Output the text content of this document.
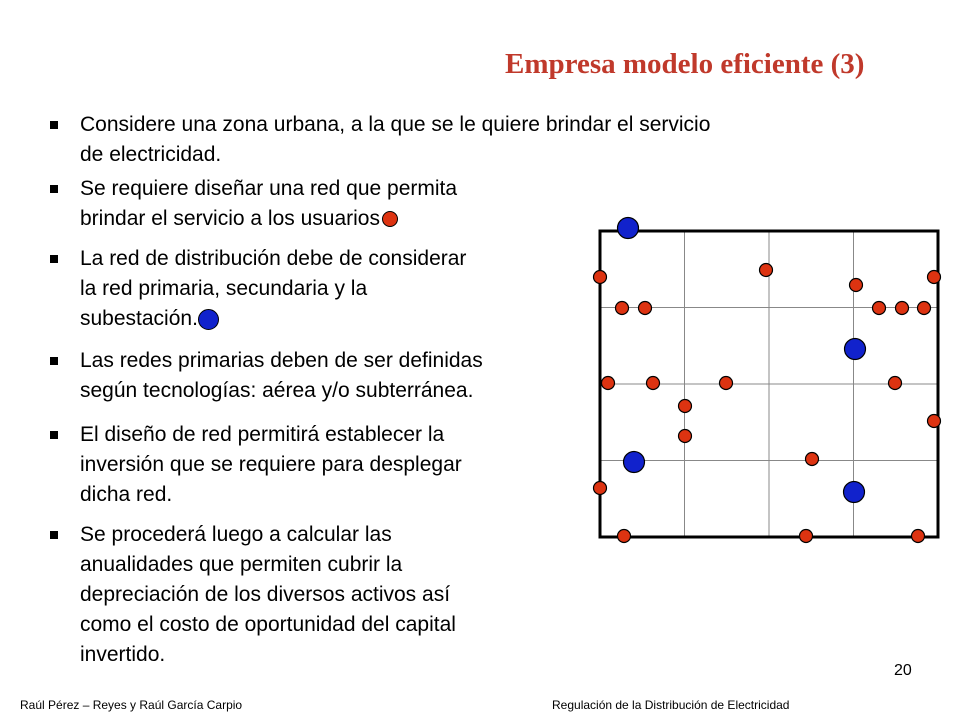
Empresa modelo eficiente (3)
Considere una zona urbana, a la que se le quiere brindar el servicio
de electricidad.
Se requiere diseñar una red que permita
brindar el servicio a los usuarios
La red de distribución debe de considerar
la red primaria, secundaria y la
subestación.
Las redes primarias deben de ser definidas
según tecnologías: aérea y/o subterránea.
El diseño de red permitirá establecer la
inversión que se requiere para desplegar
dicha red.
Se procederá luego a calcular las
anualidades que permiten cubrir la
depreciación de los diversos activos así
como el costo de oportunidad del capital
invertido.
20
Raúl Pérez – Reyes y Raúl García Carpio	Regulación de la Distribución de Electricidad
